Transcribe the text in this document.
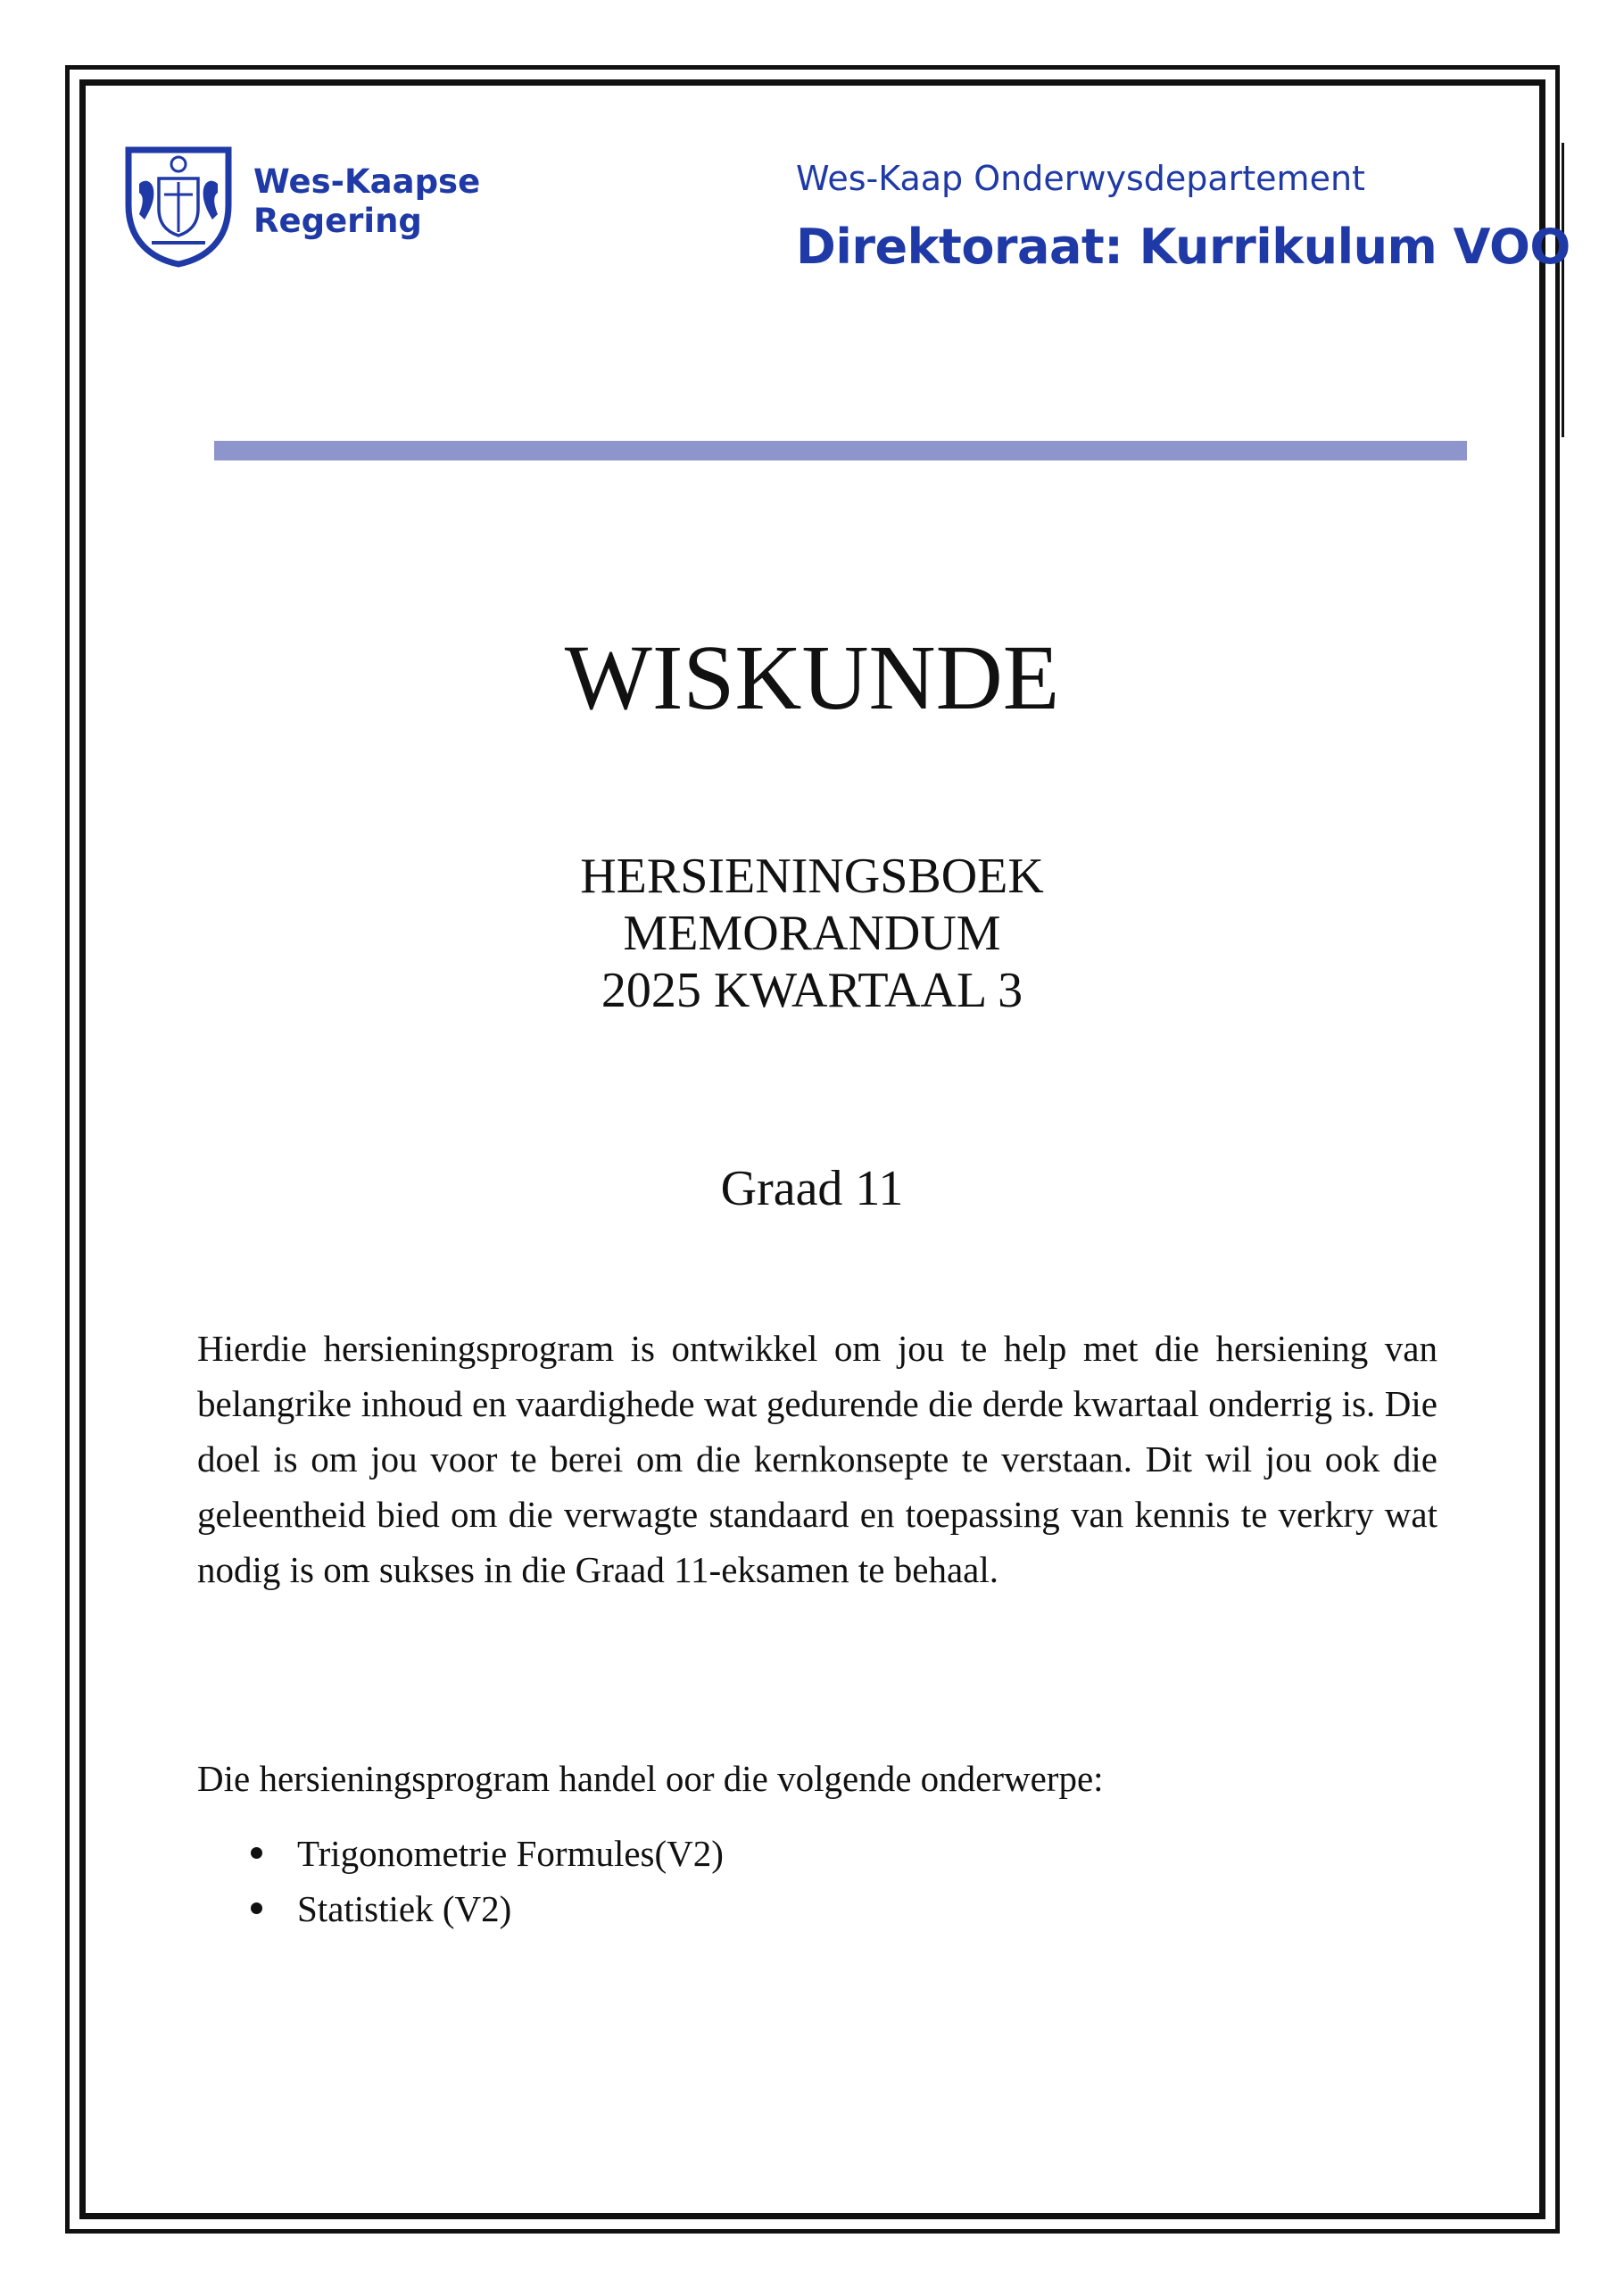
Wes-Kaapse
Regering
Wes-Kaap Onderwysdepartement
Direktoraat: Kurrikulum VOO
WISKUNDE
HERSIENINGSBOEK
MEMORANDUM
2025 KWARTAAL 3
Graad 11

Hierdie hersieningsprogram is ontwikkel om jou te help met die hersiening van belangrike inhoud en vaardighede wat gedurende die derde kwartaal onderrig is. Die doel is om jou voor te berei om die kernkonsepte te verstaan. Dit wil jou ook die geleentheid bied om die verwagte standaard en toepassing van kennis te verkry wat nodig is om sukses in die Graad 11-eksamen te behaal.

Die hersieningsprogram handel oor die volgende onderwerpe:
Trigonometrie Formules(V2)
Statistiek (V2)
